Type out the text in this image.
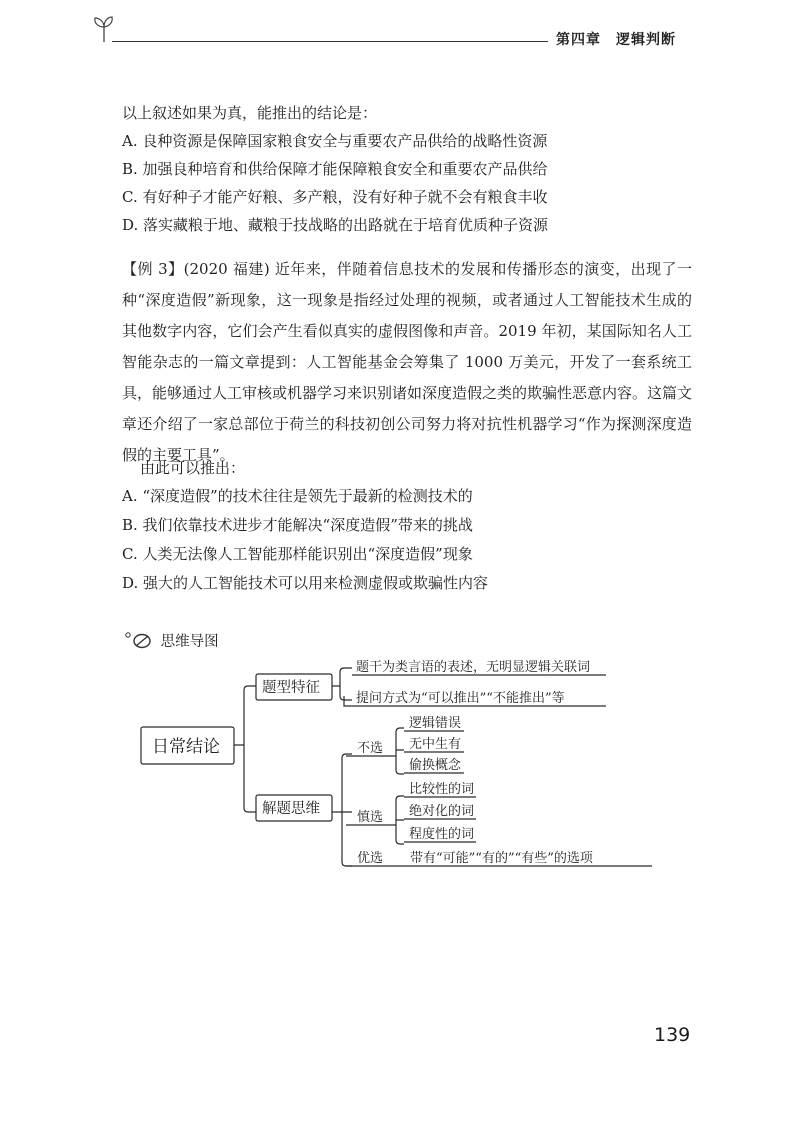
第四章　逻辑判断
以上叙述如果为真，能推出的结论是：
A. 良种资源是保障国家粮食安全与重要农产品供给的战略性资源
B. 加强良种培育和供给保障才能保障粮食安全和重要农产品供给
C. 有好种子才能产好粮、多产粮，没有好种子就不会有粮食丰收
D. 落实藏粮于地、藏粮于技战略的出路就在于培育优质种子资源
【例 3】(2020 福建) 近年来，伴随着信息技术的发展和传播形态的演变，出现了一种“深度造假”新现象，这一现象是指经过处理的视频，或者通过人工智能技术生成的其他数字内容，它们会产生看似真实的虚假图像和声音。2019 年初，某国际知名人工智能杂志的一篇文章提到：人工智能基金会筹集了 1000 万美元，开发了一套系统工具，能够通过人工审核或机器学习来识别诸如深度造假之类的欺骗性恶意内容。这篇文章还介绍了一家总部位于荷兰的科技初创公司努力将对抗性机器学习“作为探测深度造假的主要工具”。
由此可以推出：
A. “深度造假”的技术往往是领先于最新的检测技术的
B. 我们依靠技术进步才能解决“深度造假”带来的挑战
C. 人类无法像人工智能那样能识别出“深度造假”现象
D. 强大的人工智能技术可以用来检测虚假或欺骗性内容
思维导图
日常结论
题型特征
解题思维
题干为类言语的表述，无明显逻辑关联词
提问方式为“可以推出”“不能推出”等
不选
逻辑错误
无中生有
偷换概念
慎选
比较性的词
绝对化的词
程度性的词
优选 带有“可能”“有的”“有些”的选项
139
